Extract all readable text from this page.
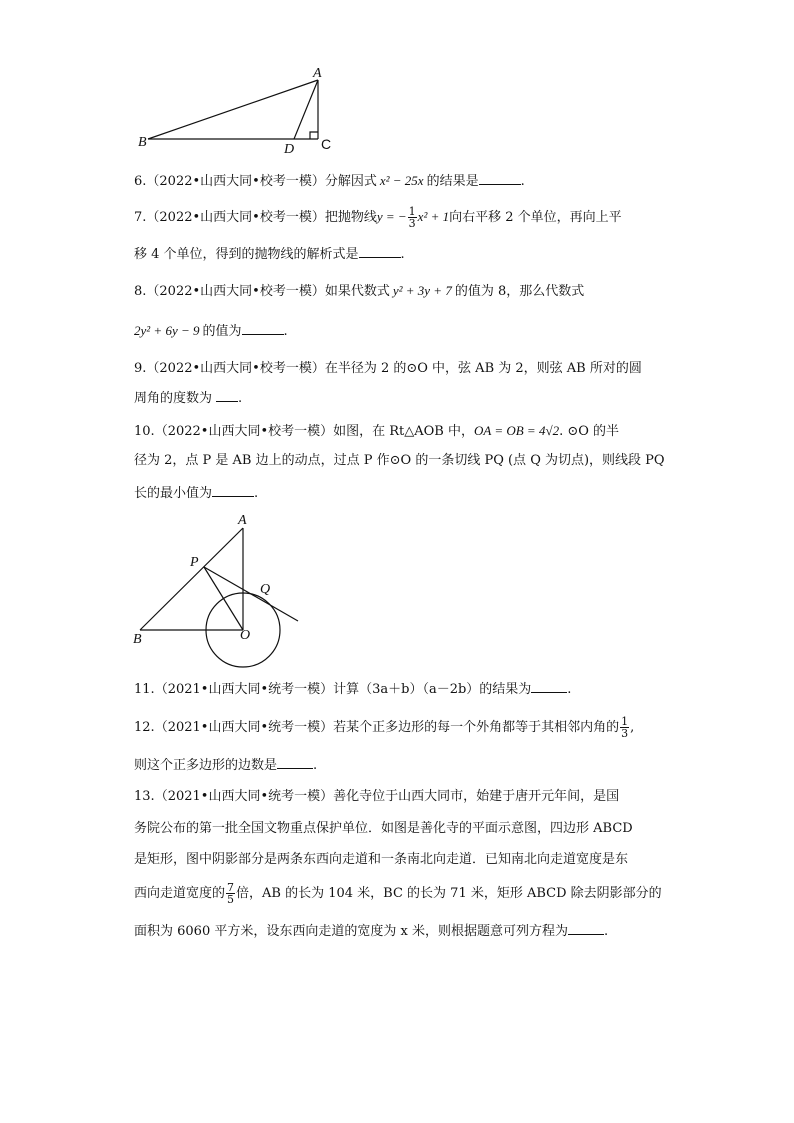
A
B	C
D
6.（2022•山西大同•校考一模）分解因式 x² − 25x 的结果是	.
7.（2022•山西大同•校考一模）把抛物线y = − $\frac{1}{3} x^2 + 1$向右平移 2 个单位，再向上平
移 4 个单位，得到的抛物线的解析式是	.
8.（2022•山西大同•校考一模）如果代数式 y² + 3y + 7 的值为 8，那么代数式
2y² + 6y − 9 的值为	.
9.（2022•山西大同•校考一模）在半径为 2 的⊙O 中，弦 AB 为 2，则弦 AB 所对的圆
周角的度数为 .
10.（2022•山西大同•校考一模）如图，在 Rt△AOB 中，OA = OB = 4√2. ⊙O 的半
径为 2，点 P 是 AB 边上的动点，过点 P 作⊙O 的一条切线 PQ (点 Q 为切点)，则线段 PQ
长的最小值为	.
A
B	O
P
Q
11.（2021•山西大同•统考一模）计算（3a＋b）（a－2b）的结果为	.
12.（2021•山西大同•统考一模）若某个正多边形的每一个外角都等于其相邻内角的 $\frac{1}{3}$ ,
则这个正多边形的边数是	.
13.（2021•山西大同•统考一模）善化寺位于山西大同市，始建于唐开元年间，是国
务院公布的第一批全国文物重点保护单位．如图是善化寺的平面示意图，四边形 ABCD
是矩形，图中阴影部分是两条东西向走道和一条南北向走道．已知南北向走道宽度是东
西向走道宽度的 $\frac{7}{5}$ 倍，AB 的长为 104 米，BC 的长为 71 米，矩形 ABCD 除去阴影部分的
面积为 6060 平方米，设东西向走道的宽度为 x 米，则根据题意可列方程为	.
